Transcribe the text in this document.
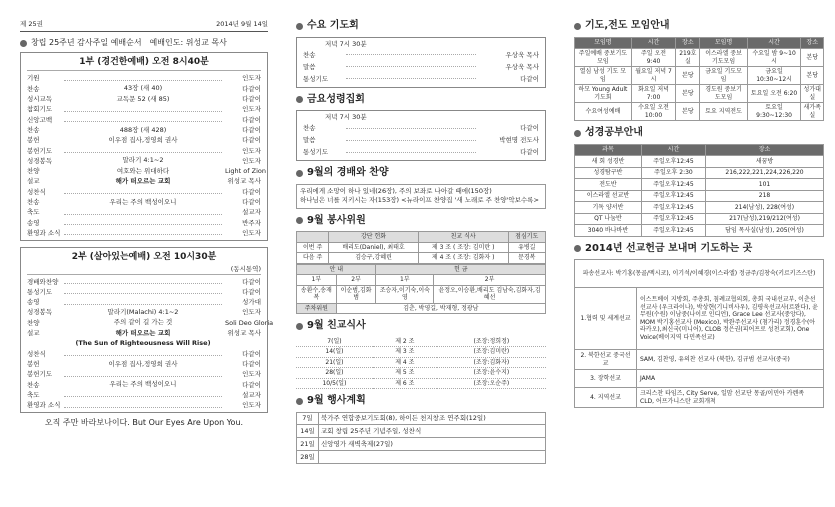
제 25권	2014년 9월 14일
창립 25주년 감사주일 예배순서 예배인도: 위성교 목사
1부 (경건한예배) 오전 8시40분
기원	인도자
찬송	43장 (새 40)	다같이
성시교독	교독문 52 (새 85)	다같이
참회기도	인도자
신앙고백	다같이
찬송	488장 (새 428)	다같이
봉헌	이우점 집사,정영희 권사	다같이
봉헌기도	인도자
성경봉독	말라기 4:1~2	인도자
찬양	여호와는 위대하다	Light of Zion
설교	해가 떠오르는 교회	위성교 목사
성찬식	다같이
찬송	우리는 주의 백성이오니	다같이
축도	설교자
송영	반주자
환영과 소식	인도자
2부 (살아있는예배) 오전 10시30분
(동시통역)
경배와찬양	다같이
통성기도	다같이
송영	성가대
성경봉독	말라기(Malachi) 4:1~2	인도자
찬양	주의 같이 길 가는 것	Soli Deo Gloria
설교	해가 떠오르는 교회	위성교 목사
(The Sun of Righteousness Will Rise)
성찬식	다같이
봉헌	이우점 집사,정영희 권사	다같이
봉헌기도	인도자
찬송	우리는 주의 백성이오니	다같이
축도	설교자
환영과 소식	인도자
오직 주만 바라보나이다. But Our Eyes Are Upon You.
수요 기도회
저녁 7시 30분
찬송	우상욱 목사
말씀	우상욱 목사
통성기도	다같이
금요성령집회
저녁 7시 30분
찬송	다같이
말씀	박현명 전도사
통성기도	다같이
9월의 경배와 찬양
우리에게 소망이 하나 있네(26장), 주의 보좌로 나아갈 때에(150장)
하나님은 너를 지키시는 자(153장) <뉴라이프 찬양집 '새 노래로 주 찬양'악보수록>
9월 봉사위원
	강단 헌화	친교 식사	점심기도
이번 주	배리도(Daniel), 최태호	제 3 조 ( 조장: 김미란 )	유병길
다음 주	김승구,강혜린	제 4 조 ( 조장: 김화자 )	문경복
안 내		헌 금	
1부	2부	1부	2부
송환수,송재복	이순범,김화범	조승자,이기숙,이숙영	윤정오,이승환,배리도 김남숙,김화자,김혜선
주차위원	김춘, 박영길, 박재형, 정광남		
9월 친교식사
7(일)	제 2 조	(조장:정희정)
14(일)	제 3 조	(조장:김미란)
21(일)	제 4 조	(조장:김화자)
28(일)	제 5 조	(조장:윤수지)
10/5(일)	제 6 조	(조장:오순주)
9월 행사계획
7일	북가주 연합중보기도회(8), 하이든 천지창조 연주회(12일)
14일	교회 창립 25주년 기념주일, 성찬식
21일	신앙영가 새벽축제(27일)
28일	
기도,전도 모임안내
모임명	시간	장소	모임명	시간	장소
주일예배 중보기도모임	주일 오전 9:40	219호실	이스라엘 중보기도모임	수요일 밤 9~10시	본당
열심 남성 기도 모임	월요일 저녁 7시	본당	금요일 기도모임	금요일 10:30~12시	본당
하모 Young Adult 기도회	화요일 저녁7:00	본당	경도원 중보기도모임	토요일 오전 6:20	성가대실
수요여성예배	수요일 오전 10:00	본당	토요 지역전도	토요일 9:30~12:30	새가족실
성경공부안내
과목	시간	장소
새 회 성경반	주일오후12:45	새꿈방
성경탐구반	주일오후 2:30	216,222,221,224,226,220
전도반	주일오후12:45	101
이스라엘 선교반	주일오후12:45	218
기독 양서반	주일오후12:45	214(남성), 228(여성)
QT 나눔반	주일오후12:45	217(남성),219/212(여성)
3040 바나바반	주일오후12:45	담임 목사실(남성), 205(여성)
2014년 선교헌금 보내며 기도하는 곳
파송선교사: 박기홍(몽골/멕시코), 이기석/이혜경(이스라엘) 정금주/김창숙(키르키즈스탄)	
1.협력 및 세계선교	이스트베이 지방회, 주총회, 침례교협의회, 총회 국내선교부, 이춘선선교사 (우크라이나), 박상현(기니비사우), 김평욱선교사(르완다), 윤무원(수원) 이남중(나이로 인디언), Grace Lee 선교사(중앙다), MOM 박기홍선교사 (Mexico), 박완주선교사 (첨가리) 정경훈수(아라카오),최신국(미니어), CLOB 정은권(피어프로 성천교회), One Voice(베이지역 다민족선교)
2. 북한선교 중국선교	SAM, 김찬영, 유의찬 선교사 (북한), 김규범 선교사(중국)
3. 장학선교	JAMA
4. 지역선교	크리스찬 타임즈, City Serve, 일맘 선교단 몽골/이민아 카렌족 CLD, 어프가니스탄 교회개척
